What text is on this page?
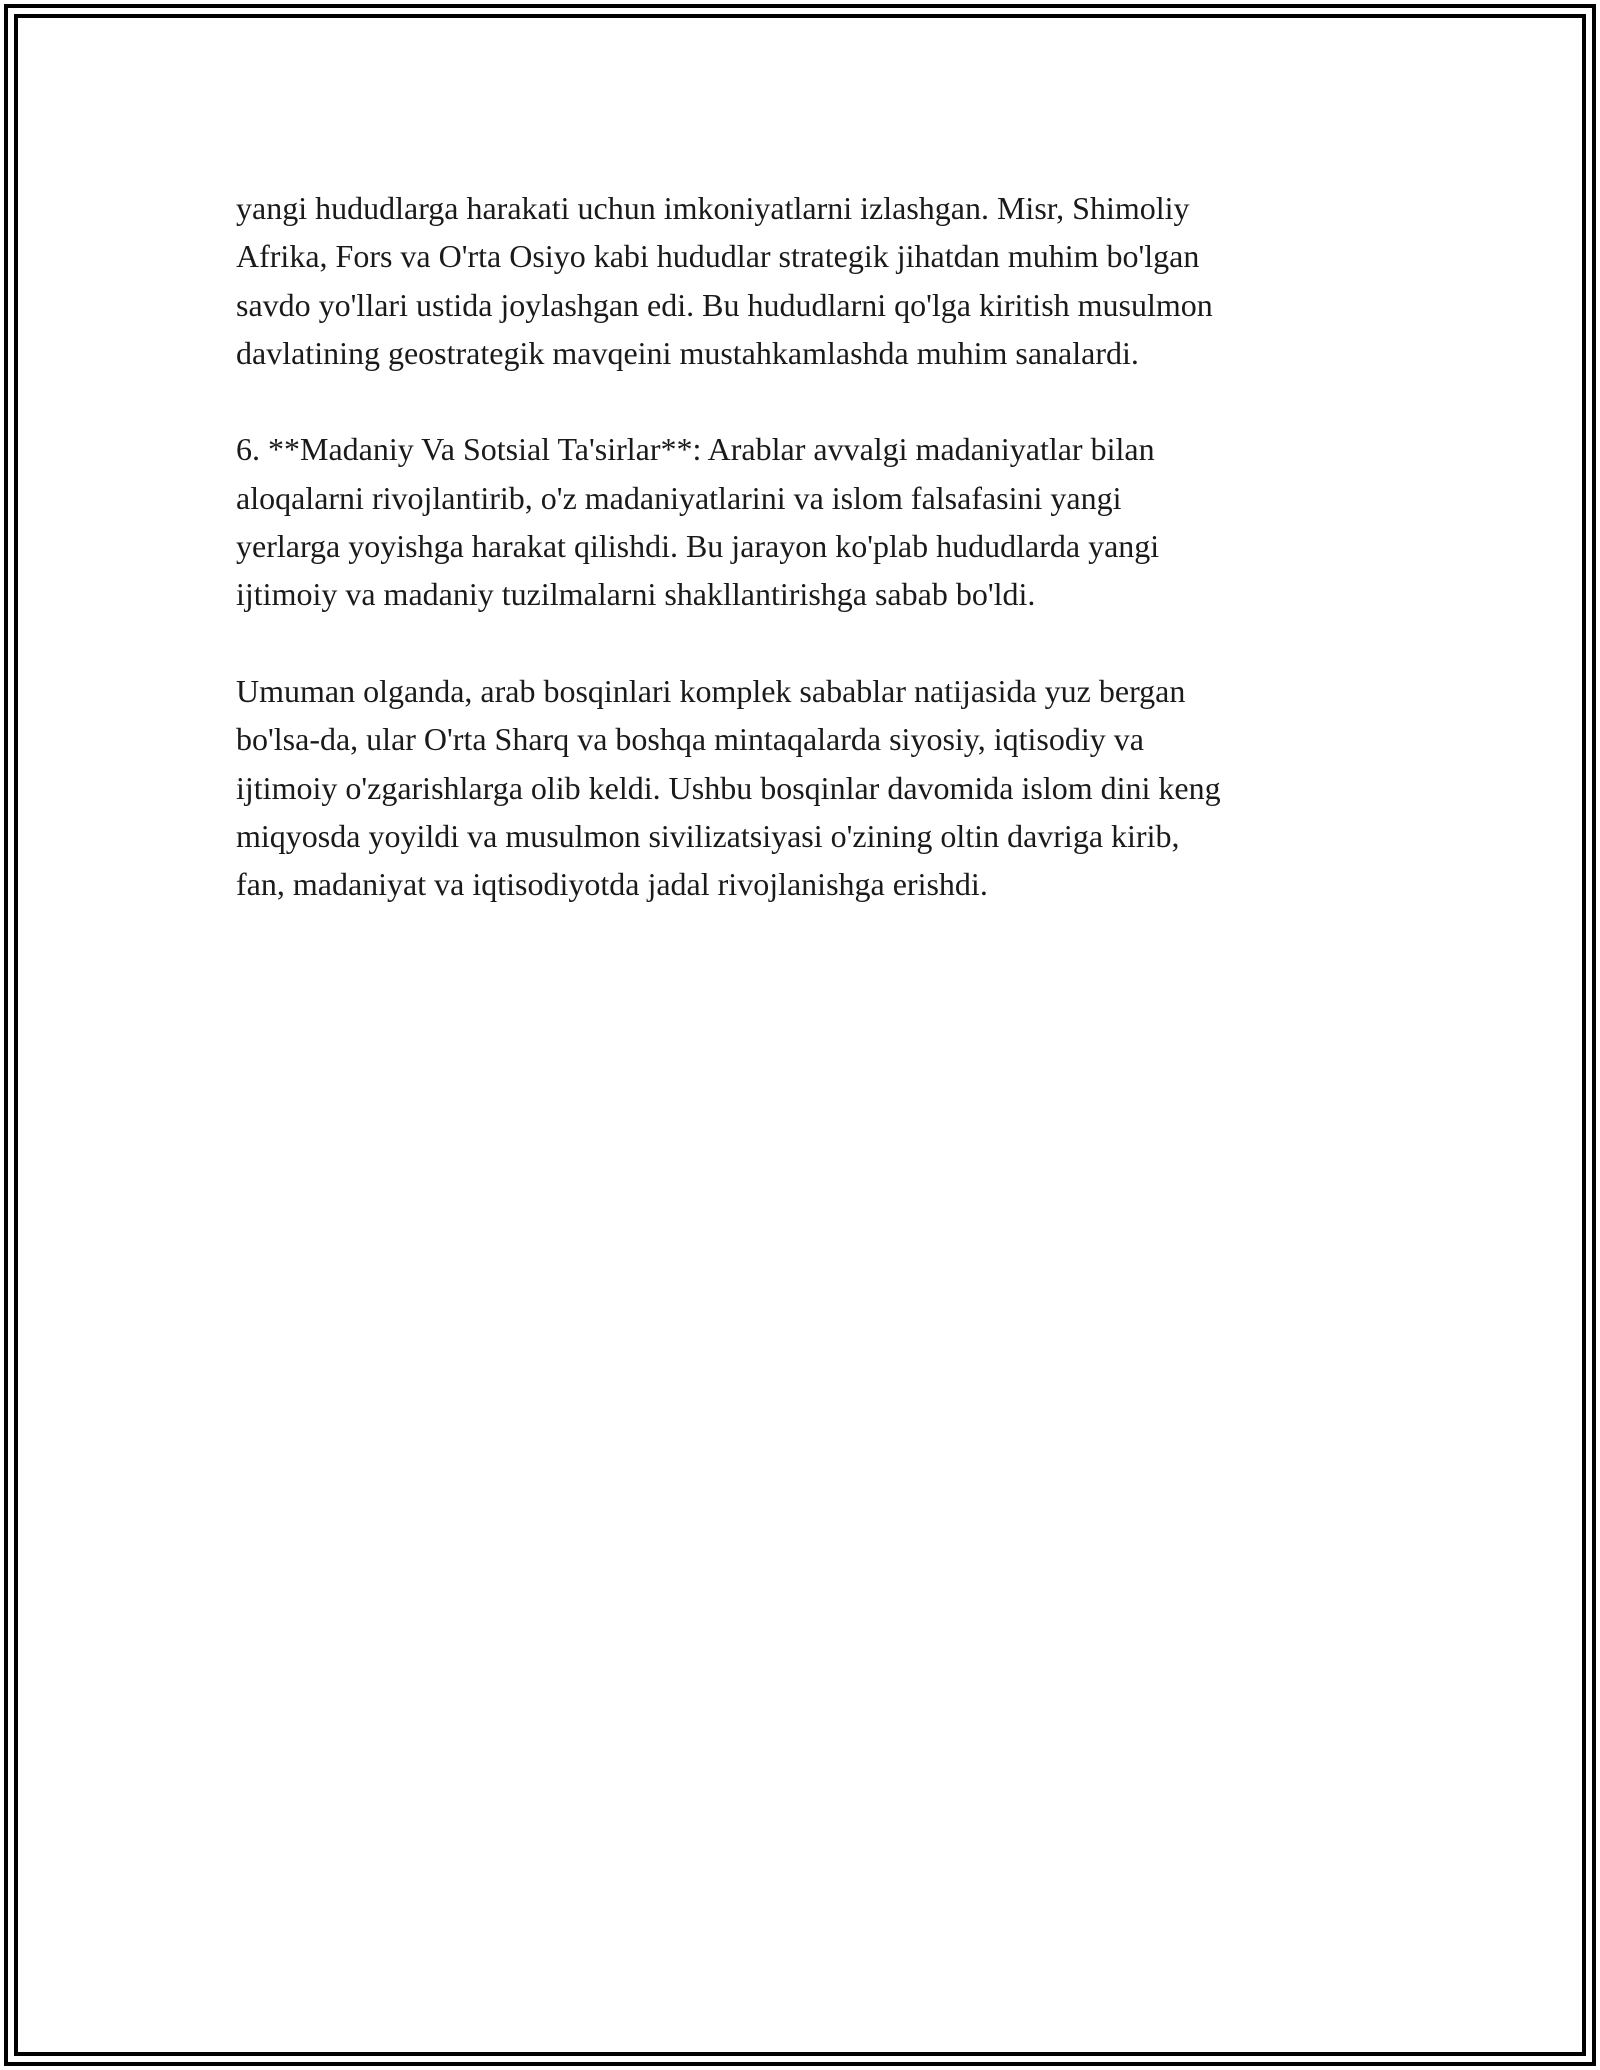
yangi hududlarga harakati uchun imkoniyatlarni izlashgan. Misr, Shimoliy
Afrika, Fors va O'rta Osiyo kabi hududlar strategik jihatdan muhim bo'lgan
savdo yo'llari ustida joylashgan edi. Bu hududlarni qo'lga kiritish musulmon
davlatining geostrategik mavqeini mustahkamlashda muhim sanalardi.

6. **Madaniy Va Sotsial Ta'sirlar**: Arablar avvalgi madaniyatlar bilan
aloqalarni rivojlantirib, o'z madaniyatlarini va islom falsafasini yangi
yerlarga yoyishga harakat qilishdi. Bu jarayon ko'plab hududlarda yangi
ijtimoiy va madaniy tuzilmalarni shakllantirishga sabab bo'ldi.

Umuman olganda, arab bosqinlari komplek sabablar natijasida yuz bergan
bo'lsa-da, ular O'rta Sharq va boshqa mintaqalarda siyosiy, iqtisodiy va
ijtimoiy o'zgarishlarga olib keldi. Ushbu bosqinlar davomida islom dini keng
miqyosda yoyildi va musulmon sivilizatsiyasi o'zining oltin davriga kirib,
fan, madaniyat va iqtisodiyotda jadal rivojlanishga erishdi.
